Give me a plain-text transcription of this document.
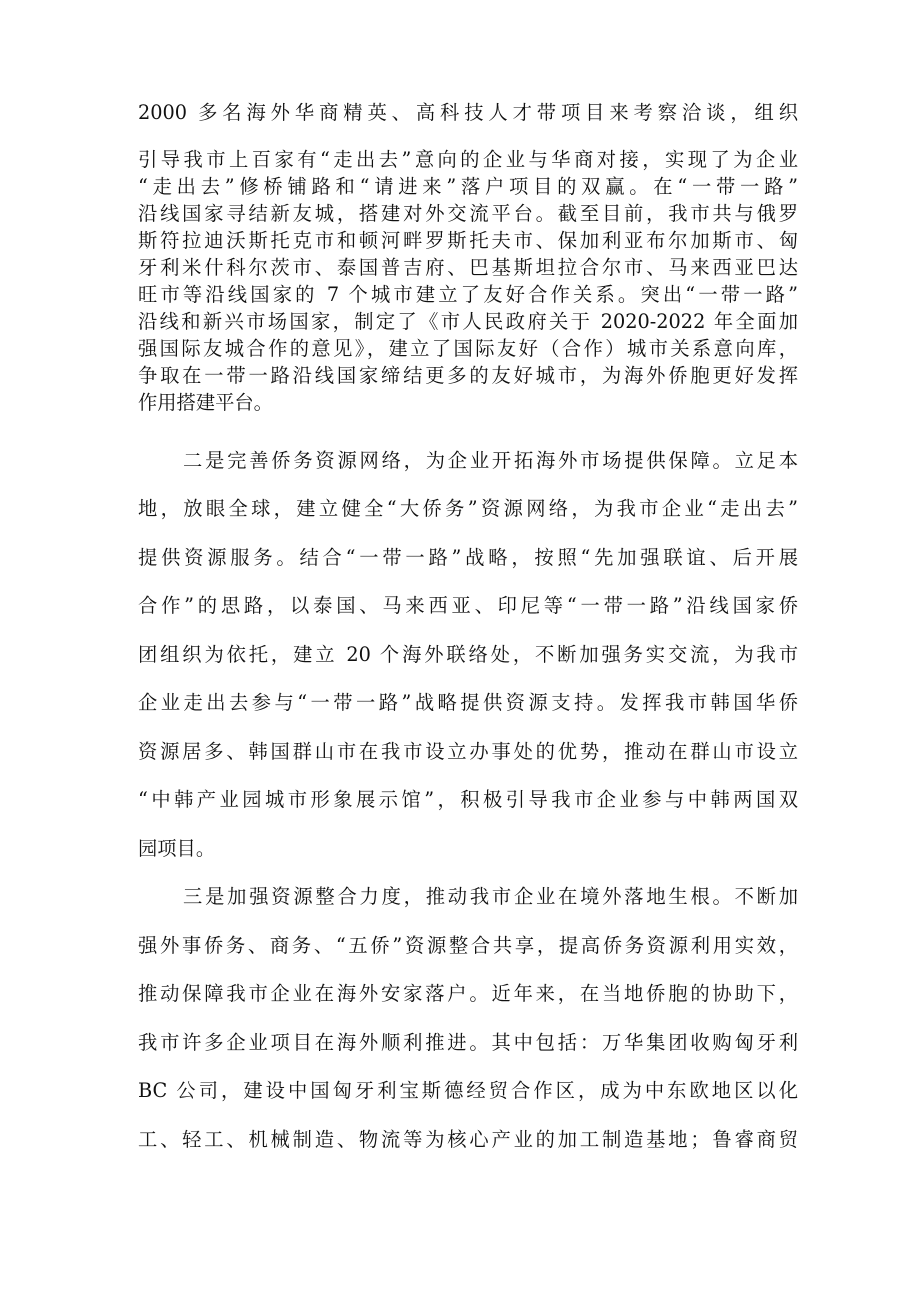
2000 多名海外华商精英、高科技人才带项目来考察洽谈，组织
引导我市上百家有“走出去”意向的企业与华商对接，实现了为企业
“走出去”修桥铺路和“请进来”落户项目的双赢。在“一带一路”
沿线国家寻结新友城，搭建对外交流平台。截至目前，我市共与俄罗
斯符拉迪沃斯托克市和顿河畔罗斯托夫市、保加利亚布尔加斯市、匈
牙利米什科尔茨市、泰国普吉府、巴基斯坦拉合尔市、马来西亚巴达
旺市等沿线国家的 7 个城市建立了友好合作关系。突出“一带一路”
沿线和新兴市场国家，制定了《市人民政府关于 2020-2022 年全面加
强国际友城合作的意见》，建立了国际友好（合作）城市关系意向库，
争取在一带一路沿线国家缔结更多的友好城市，为海外侨胞更好发挥
作用搭建平台。
二是完善侨务资源网络，为企业开拓海外市场提供保障。立足本
地，放眼全球，建立健全“大侨务”资源网络，为我市企业“走出去”
提供资源服务。结合“一带一路”战略，按照“先加强联谊、后开展
合作”的思路，以泰国、马来西亚、印尼等“一带一路”沿线国家侨
团组织为依托，建立 20 个海外联络处，不断加强务实交流，为我市
企业走出去参与“一带一路”战略提供资源支持。发挥我市韩国华侨
资源居多、韩国群山市在我市设立办事处的优势，推动在群山市设立
“中韩产业园城市形象展示馆”，积极引导我市企业参与中韩两国双
园项目。
三是加强资源整合力度，推动我市企业在境外落地生根。不断加
强外事侨务、商务、“五侨”资源整合共享，提高侨务资源利用实效，
推动保障我市企业在海外安家落户。近年来，在当地侨胞的协助下，
我市许多企业项目在海外顺利推进。其中包括：万华集团收购匈牙利
BC 公司，建设中国匈牙利宝斯德经贸合作区，成为中东欧地区以化
工、轻工、机械制造、物流等为核心产业的加工制造基地；鲁睿商贸
